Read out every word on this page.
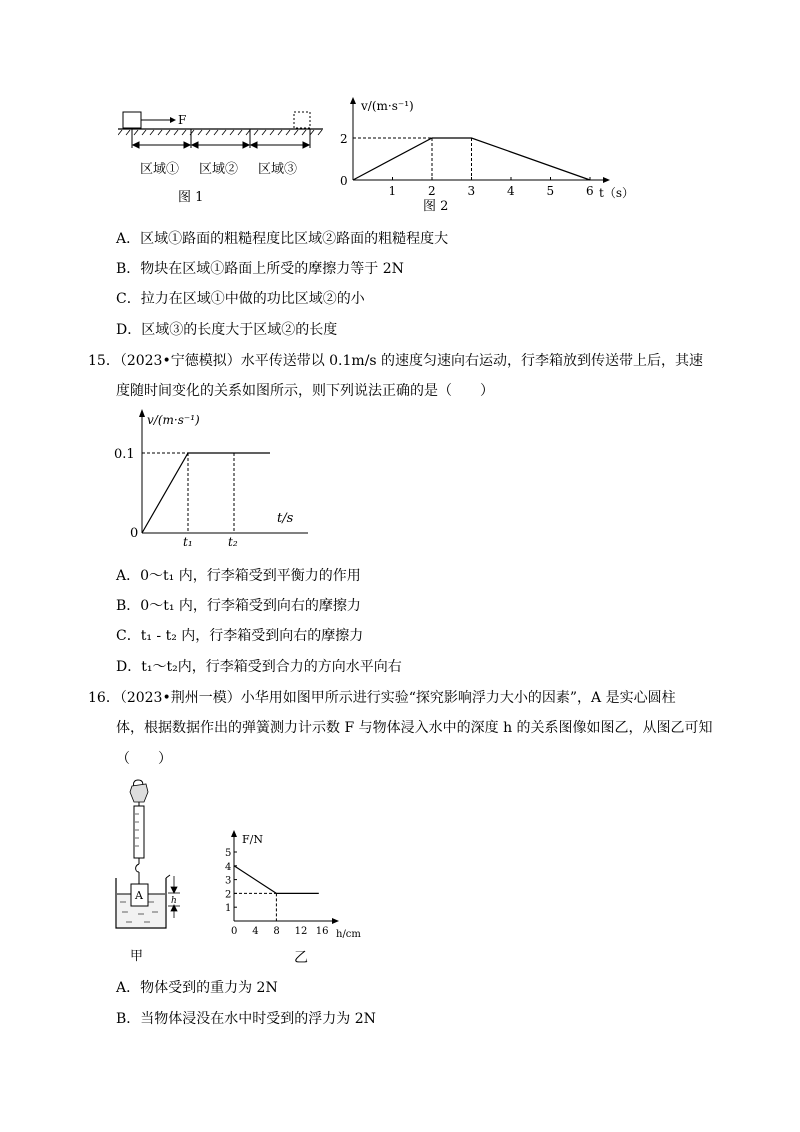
F
区域① 区域② 区域③
图 1
v/(m·s⁻¹)
t（s）
1	2	3	4	5	6
2
0
图 2
A．区域①路面的粗糙程度比区域②路面的粗糙程度大
B．物块在区域①路面上所受的摩擦力等于 2N
C．拉力在区域①中做的功比区域②的小
D．区域③的长度大于区域②的长度
15．（2023•宁德模拟）水平传送带以 0.1m/s 的速度匀速向右运动，行李箱放到传送带上后，其速
度随时间变化的关系如图所示，则下列说法正确的是（　　）
v/(m·s⁻¹)
t/s
0.1
0
t₁	t₂
A．0～t₁ 内，行李箱受到平衡力的作用
B．0～t₁ 内，行李箱受到向右的摩擦力
C．t₁ - t₂ 内，行李箱受到向右的摩擦力
D．t₁～t₂内，行李箱受到合力的方向水平向右
16．（2023•荆州一模）小华用如图甲所示进行实验“探究影响浮力大小的因素”，A 是实心圆柱
体，根据数据作出的弹簧测力计示数 F 与物体浸入水中的深度 h 的关系图像如图乙，从图乙可知
（　　）
A	h
甲
F/N
h/cm
5
4
3
2
1
0 4 8 12 16
乙
A．物体受到的重力为 2N
B．当物体浸没在水中时受到的浮力为 2N
